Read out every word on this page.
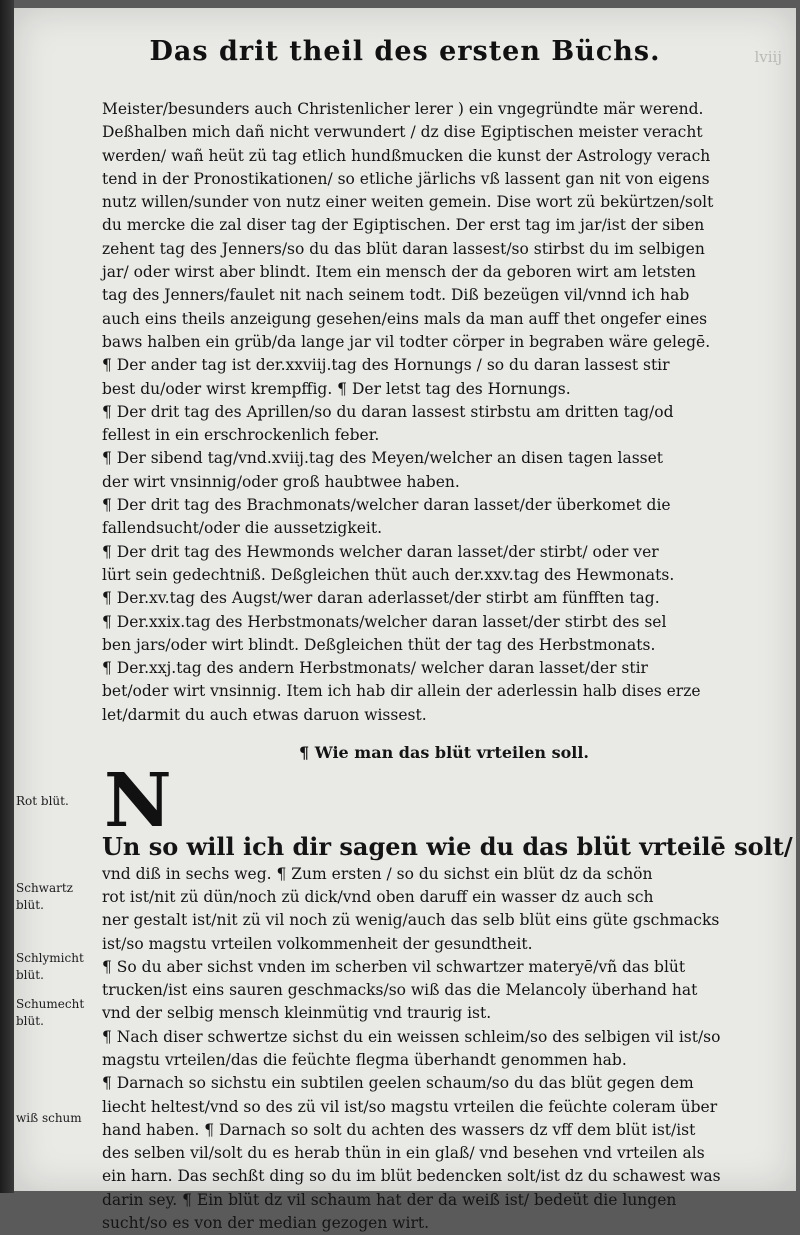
Das drit theil des ersten Büchs.	lviij

Meister/besunders auch Christenlicher lerer ) ein vngegründte mär werend.
Deßhalben mich dañ nicht verwundert / dz dise Egiptischen meister veracht
werden/ wañ heüt zü tag etlich hundßmucken die kunst der Astrology verach
tend in der Pronostikationen/ so etliche järlichs vß lassent gan nit von eigens
nutz willen/sunder von nutz einer weiten gemein. Dise wort zü bekürtzen/solt
du mercke die zal diser tag der Egiptischen. Der erst tag im jar/ist der siben
zehent tag des Jenners/so du das blüt daran lassest/so stirbst du im selbigen
jar/ oder wirst aber blindt. Item ein mensch der da geboren wirt am letsten
tag des Jenners/faulet nit nach seinem todt. Diß bezeügen vil/vnnd ich hab
auch eins theils anzeigung gesehen/eins mals da man auff thet ongefer eines
baws halben ein grüb/da lange jar vil todter cörper in begraben wäre gelegē.

¶ Der ander tag ist der.xxviij.tag des Hornungs / so du daran lassest stir
best du/oder wirst krempffig. ¶ Der letst tag des Hornungs.

¶ Der drit tag des Aprillen/so du daran lassest stirbstu am dritten tag/od
fellest in ein erschrockenlich feber.

¶ Der sibend tag/vnd.xviij.tag des Meyen/welcher an disen tagen lasset
der wirt vnsinnig/oder groß haubtwee haben.

¶ Der drit tag des Brachmonats/welcher daran lasset/der überkomet die
fallendsucht/oder die aussetzigkeit.

¶ Der drit tag des Hewmonds welcher daran lasset/der stirbt/ oder ver
lürt sein gedechtniß. Deßgleichen thüt auch der.xxv.tag des Hewmonats.

¶ Der.xv.tag des Augst/wer daran aderlasset/der stirbt am fünfften tag.

¶ Der.xxix.tag des Herbstmonats/welcher daran lasset/der stirbt des sel
ben jars/oder wirt blindt. Deßgleichen thüt der tag des Herbstmonats.

¶ Der.xxj.tag des andern Herbstmonats/ welcher daran lasset/der stir
bet/oder wirt vnsinnig. Item ich hab dir allein der aderlessin halb dises erze
let/darmit du auch etwas daruon wissest.

¶ Wie man das blüt vrteilen soll.

N
Un so will ich dir sagen wie du das blüt vrteilē solt/
vnd diß in sechs weg. ¶ Zum ersten / so du sichst ein blüt dz da schön
rot ist/nit zü dün/noch zü dick/vnd oben daruff ein wasser dz auch sch
ner gestalt ist/nit zü vil noch zü wenig/auch das selb blüt eins güte gschmacks
ist/so magstu vrteilen volkommenheit der gesundtheit.

¶ So du aber sichst vnden im scherben vil schwartzer materyē/vñ das blüt
trucken/ist eins sauren geschmacks/so wiß das die Melancoly überhand hat
vnd der selbig mensch kleinmütig vnd traurig ist.

¶ Nach diser schwertze sichst du ein weissen schleim/so des selbigen vil ist/so
magstu vrteilen/das die feüchte flegma überhandt genommen hab.

¶ Darnach so sichstu ein subtilen geelen schaum/so du das blüt gegen dem
liecht heltest/vnd so des zü vil ist/so magstu vrteilen die feüchte coleram über
hand haben. ¶ Darnach so solt du achten des wassers dz vff dem blüt ist/ist
des selben vil/solt du es herab thün in ein glaß/ vnd besehen vnd vrteilen als
ein harn. Das sechßt ding so du im blüt bedencken solt/ist dz du schawest was
darin sey. ¶ Ein blüt dz vil schaum hat der da weiß ist/ bedeüt die lungen
sucht/so es von der median gezogen wirt.

Rot blüt.
Schwartz
blüt.
Schlymicht
blüt.
Schumecht
blüt.
wiß schum
